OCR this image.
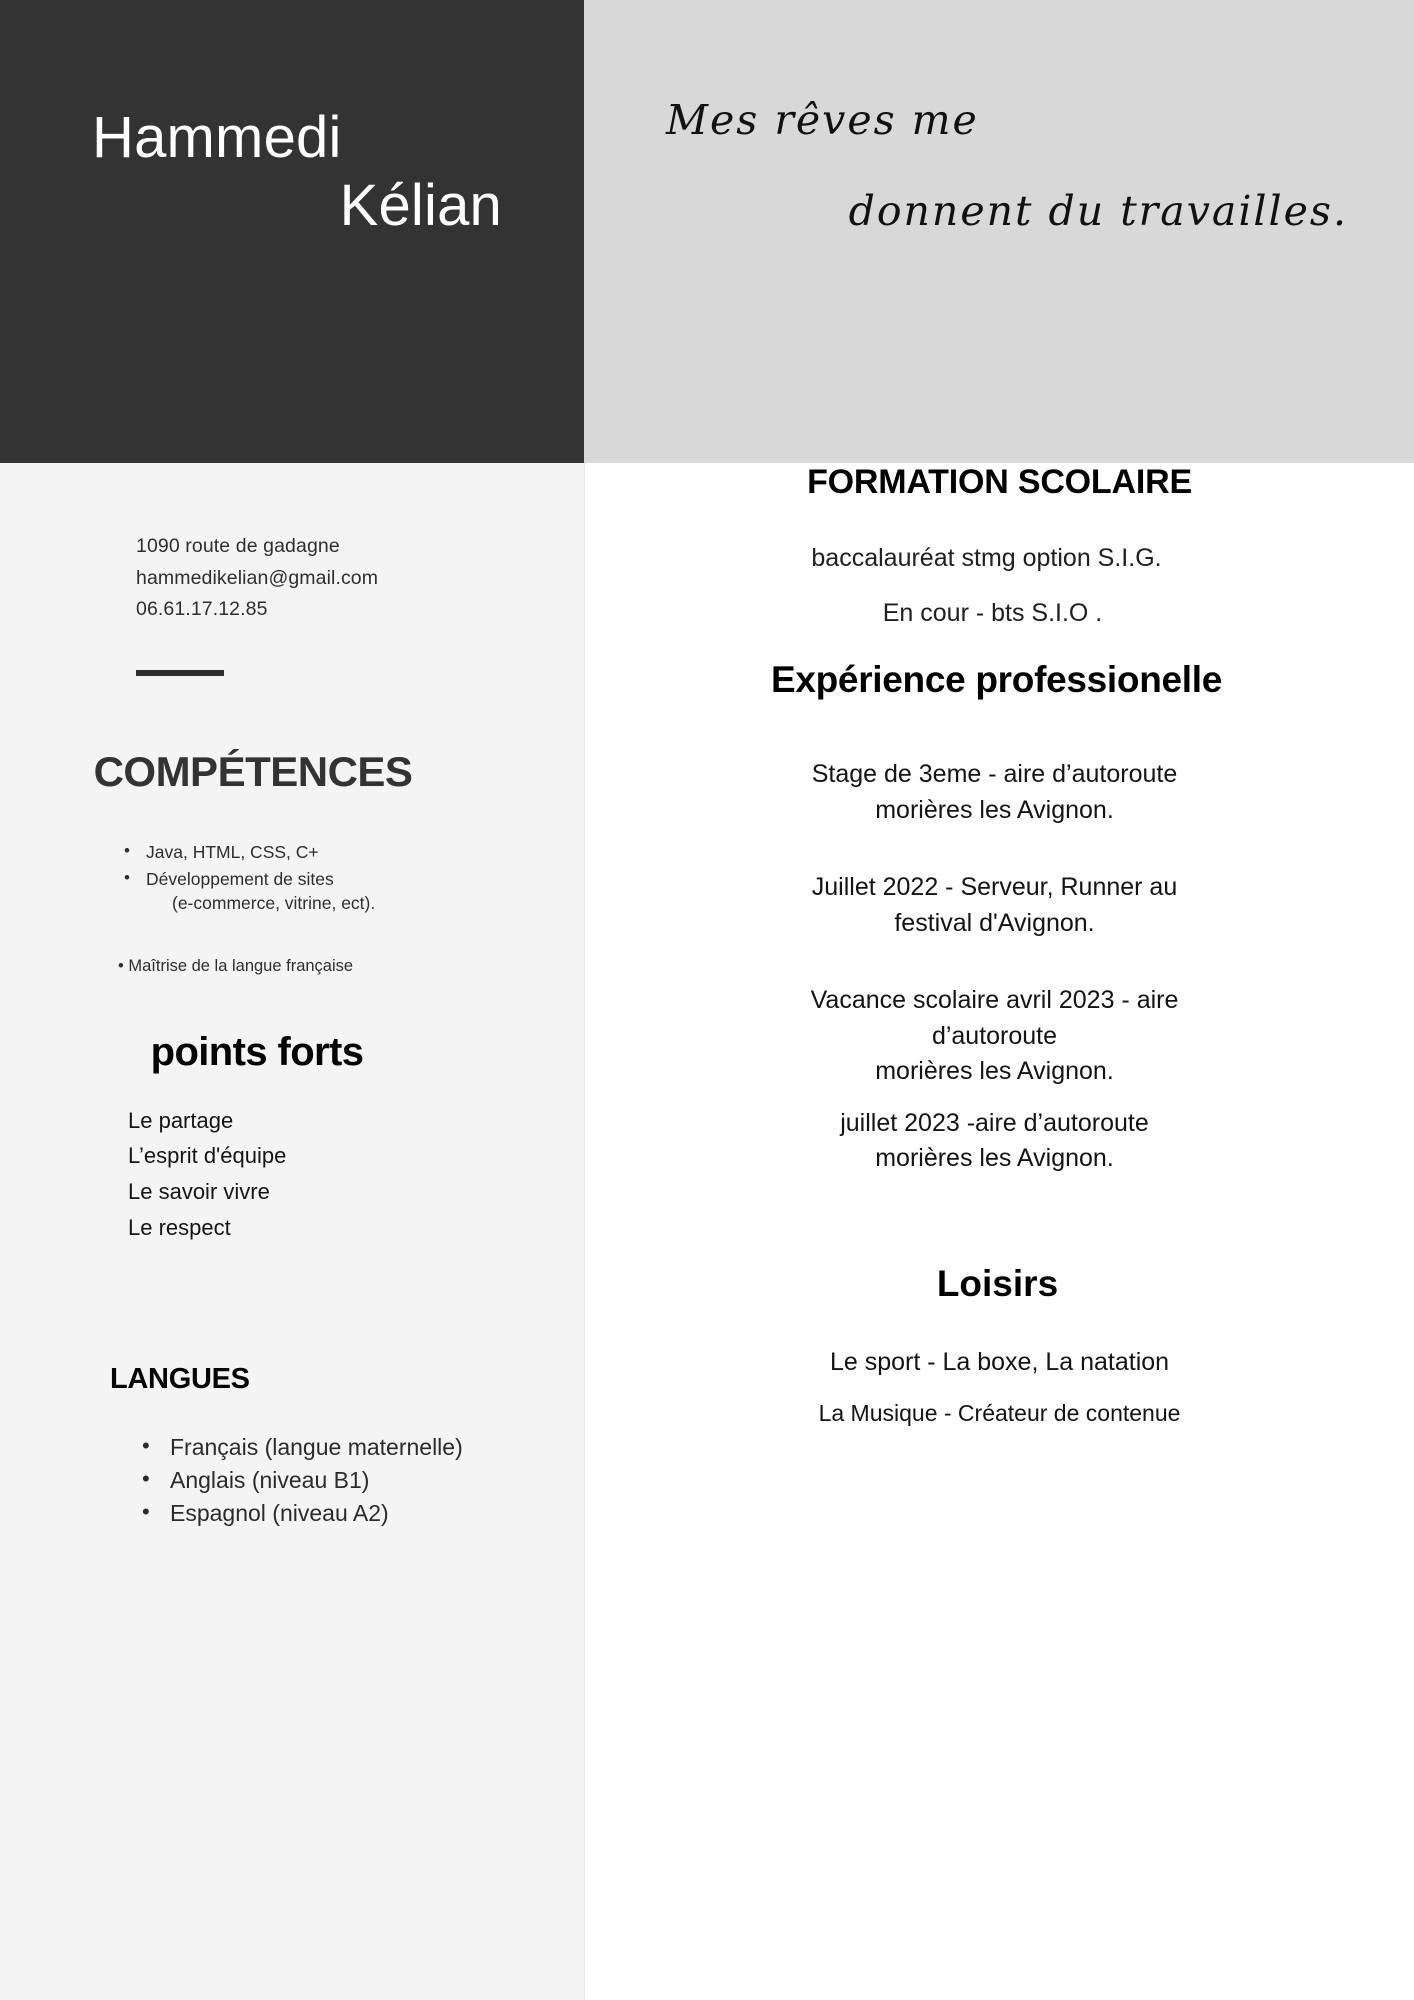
Hammedi
Kélian
Mes rêves me
donnent du travailles.
1090 route de gadagne
hammedikelian@gmail.com
06.61.17.12.85
COMPÉTENCES
• Java, HTML, CSS, C+
• Développement de sites
(e-commerce, vitrine, ect).
• Maîtrise de la langue française
points forts
Le partage
L’esprit d'équipe
Le savoir vivre
Le respect
LANGUES
• Français (langue maternelle)
• Anglais (niveau B1)
• Espagnol (niveau A2)
FORMATION SCOLAIRE
baccalauréat stmg option S.I.G.
En cour - bts S.I.O .
Expérience professionelle
Stage de 3eme - aire d’autoroute
morières les Avignon.
Juillet 2022 - Serveur, Runner au
festival d'Avignon.
Vacance scolaire avril 2023 - aire
d’autoroute
morières les Avignon.
juillet 2023 -aire d’autoroute
morières les Avignon.
Loisirs
Le sport - La boxe, La natation
La Musique - Créateur de contenue
